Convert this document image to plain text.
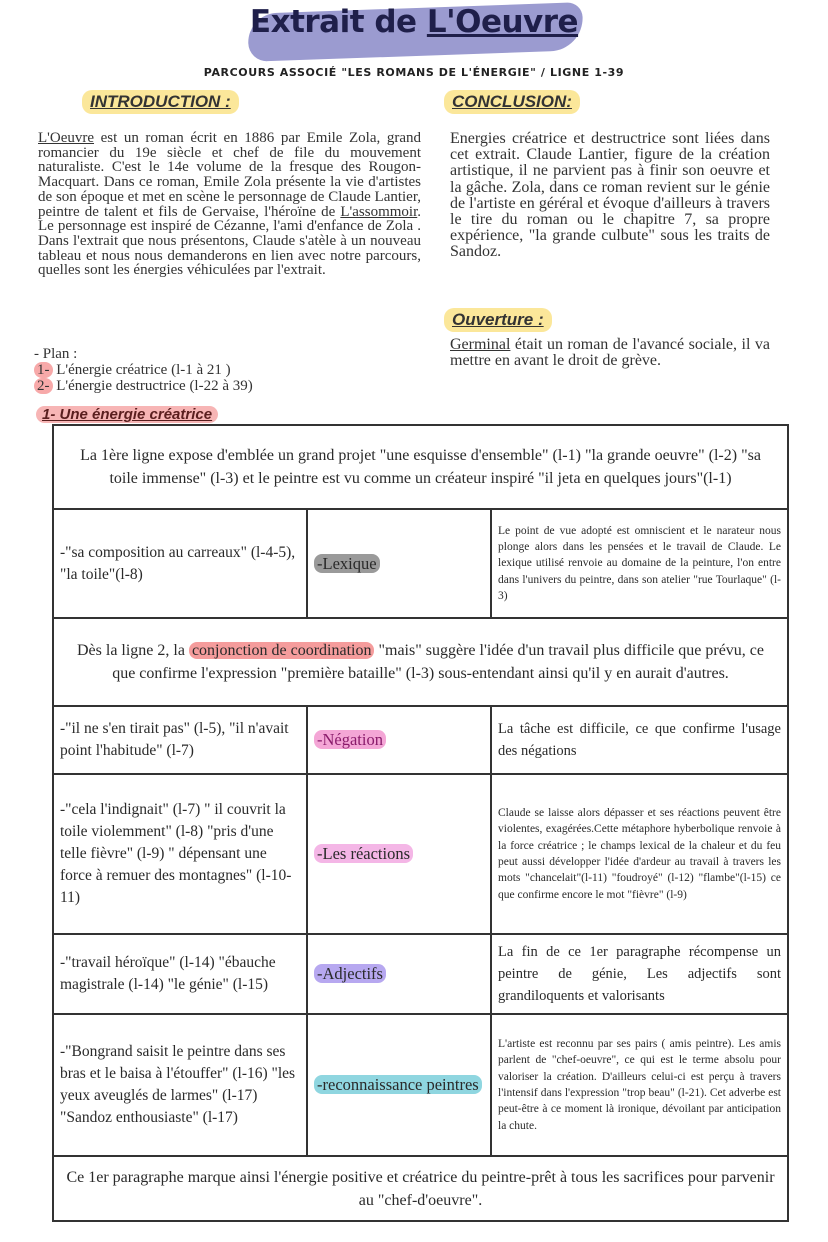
Extrait de L'Oeuvre
PARCOURS ASSOCIÉ "LES ROMANS DE L'ÉNERGIE" / LIGNE 1-39
INTRODUCTION :	CONCLUSION:
L'Oeuvre est un roman écrit en 1886 par Emile Zola, grand romancier du 19e siècle et chef de file du mouvement naturaliste. C'est le 14e volume de la fresque des Rougon-Macquart. Dans ce roman, Emile Zola présente la vie d'artistes de son époque et met en scène le personnage de Claude Lantier, peintre de talent et fils de Gervaise, l'héroïne de L'assommoir. Le personnage est inspiré de Cézanne, l'ami d'enfance de Zola . Dans l'extrait que nous présentons, Claude s'atèle à un nouveau tableau et nous nous demanderons en lien avec notre parcours, quelles sont les énergies véhiculées par l'extrait.
- Plan :
1- L'énergie créatrice (l-1 à 21 )
2- L'énergie destructrice (l-22 à 39)
Energies créatrice et destructrice sont liées dans cet extrait. Claude Lantier, figure de la création artistique, il ne parvient pas à finir son oeuvre et la gâche. Zola, dans ce roman revient sur le génie de l'artiste en géréral et évoque d'ailleurs à travers le tire du roman ou le chapitre 7, sa propre expérience, "la grande culbute" sous les traits de Sandoz.
Ouverture :
Germinal était un roman de l'avancé sociale, il va mettre en avant le droit de grève.
1- Une énergie créatrice
La 1ère ligne expose d'emblée un grand projet "une esquisse d'ensemble" (l-1) "la grande oeuvre" (l-2) "sa toile immense" (l-3) et le peintre est vu comme un créateur inspiré "il jeta en quelques jours"(l-1)		
-"sa composition au carreaux" (l-4-5), "la toile"(l-8)	-Lexique	Le point de vue adopté est omniscient et le narateur nous plonge alors dans les pensées et le travail de Claude. Le lexique utilisé renvoie au domaine de la peinture, l'on entre dans l'univers du peintre, dans son atelier "rue Tourlaque" (l-3)
Dès la ligne 2, la conjonction de coordination "mais" suggère l'idée d'un travail plus difficile que prévu, ce que confirme l'expression "première bataille" (l-3) sous-entendant ainsi qu'il y en aurait d'autres.		
-"il ne s'en tirait pas" (l-5), "il n'avait point l'habitude" (l-7)	-Négation	La tâche est difficile, ce que confirme l'usage des négations
-"cela l'indignait" (l-7) " il couvrit la toile violemment" (l-8) "pris d'une telle fièvre" (l-9) " dépensant une force à remuer des montagnes" (l-10-11)	-Les réactions	Claude se laisse alors dépasser et ses réactions peuvent être violentes, exagérées.Cette métaphore hyberbolique renvoie à la force créatrice ; le champs lexical de la chaleur et du feu peut aussi développer l'idée d'ardeur au travail à travers les mots "chancelait"(l-11) "foudroyé" (l-12) "flambe"(l-15) ce que confirme encore le mot "fièvre" (l-9)
-"travail héroïque" (l-14) "ébauche magistrale (l-14) "le génie" (l-15)	-Adjectifs	La fin de ce 1er paragraphe récompense un peintre de génie, Les adjectifs sont grandiloquents et valorisants
-"Bongrand saisit le peintre dans ses bras et le baisa à l'étouffer" (l-16) "les yeux aveuglés de larmes" (l-17) "Sandoz enthousiaste" (l-17)	-reconnaissance peintres	L'artiste est reconnu par ses pairs ( amis peintre). Les amis parlent de "chef-oeuvre", ce qui est le terme absolu pour valoriser la création. D'ailleurs celui-ci est perçu à travers l'intensif dans l'expression "trop beau" (l-21). Cet adverbe est peut-être à ce moment là ironique, dévoilant par anticipation la chute.
Ce 1er paragraphe marque ainsi l'énergie positive et créatrice du peintre-prêt à tous les sacrifices pour parvenir au "chef-d'oeuvre".		
